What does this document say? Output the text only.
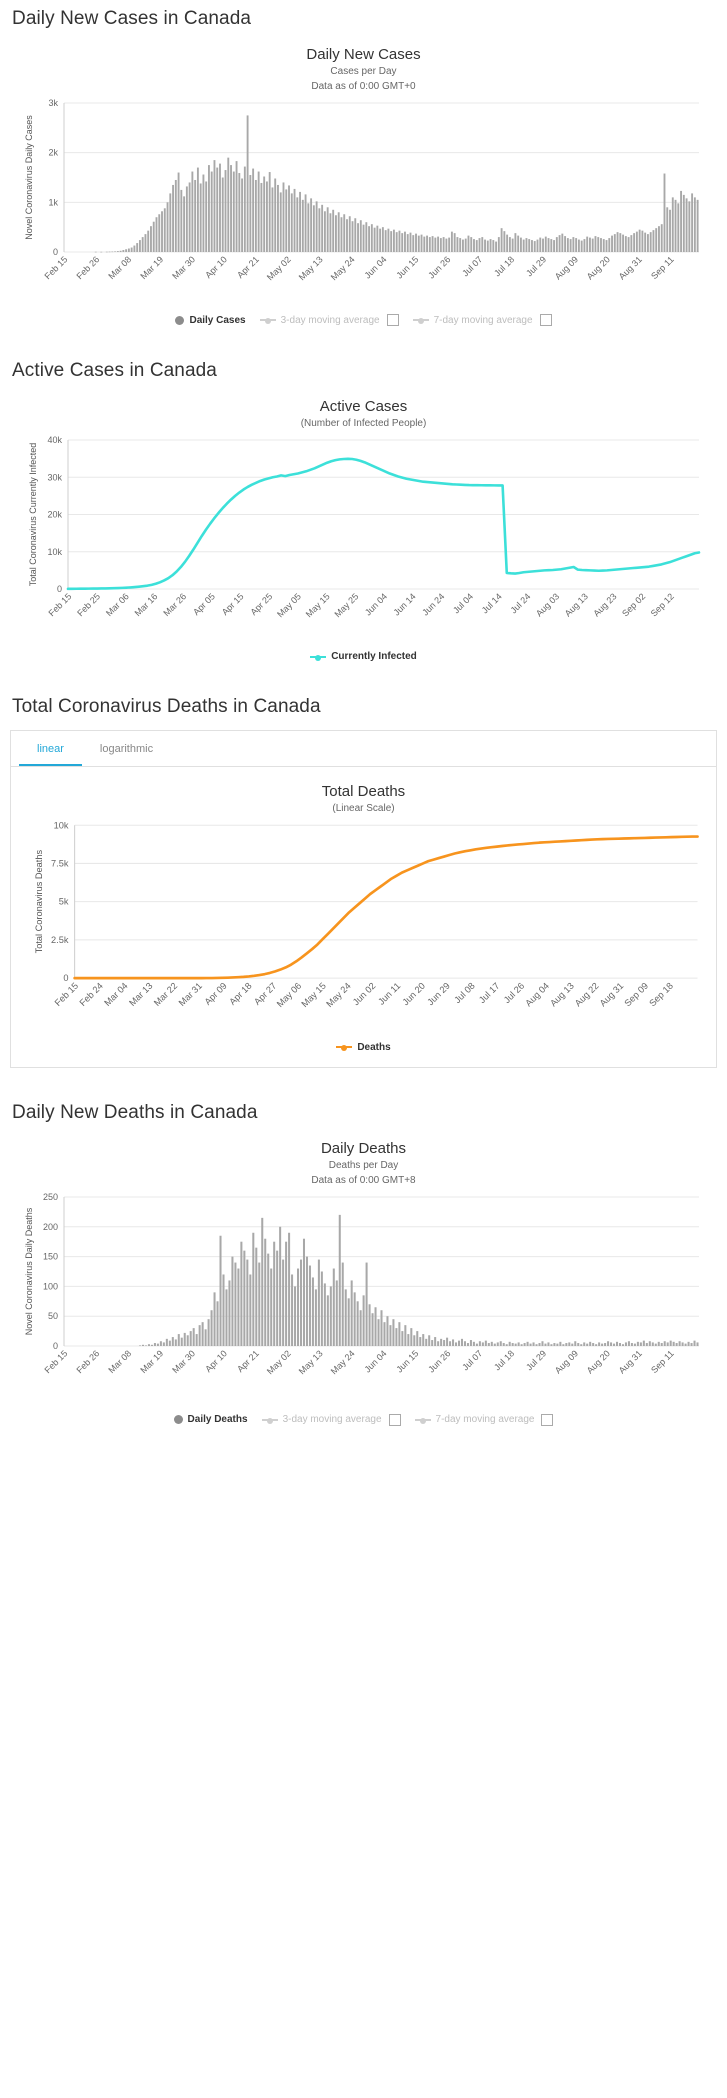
Daily New Cases in Canada
Daily New Cases
Cases per Day
Data as of 0:00 GMT+0
0
1k
2k
3k
Novel Coronavirus Daily Cases
Feb 15 Feb 26 Mar 08 Mar 19 Mar 30 Apr 10 Apr 21 May 02 May 13 May 24 Jun 04 Jun 15 Jun 26 Jul 07 Jul 18 Jul 29 Aug 09 Aug 20 Aug 31 Sep 11
Daily Cases	3-day moving average	7-day moving average
Active Cases in Canada
Active Cases
(Number of Infected People)
0
10k
20k
30k
40k
Total Coronavirus Currently Infected
Feb 15 Feb 25 Mar 06 Mar 16 Mar 26 Apr 05 Apr 15 Apr 25 May 05 May 15 May 25 Jun 04 Jun 14 Jun 24 Jul 04 Jul 14 Jul 24 Aug 03 Aug 13 Aug 23 Sep 02 Sep 12
Currently Infected
Total Coronavirus Deaths in Canada
linear	logarithmic
Total Deaths
(Linear Scale)
0
2.5k
5k
7.5k
10k
Total Coronavirus Deaths
Feb 15
Feb 24
Mar 04
Mar 13
Mar 22
Mar 31
Apr 09
Apr 18
Apr 27
May 06
May 15
May 24
Jun 02
Jun 11
Jun 20
Jun 29 Jul 08 Jul 17 Jul 26
Aug 04
Aug 13
Aug 22
Aug 31
Sep 09
Sep 18
Deaths
Daily New Deaths in Canada
Daily Deaths
Deaths per Day
Data as of 0:00 GMT+8
0
50
100
150
200
250
Novel Coronavirus Daily Deaths
Feb 15 Feb 26 Mar 08 Mar 19 Mar 30 Apr 10 Apr 21 May 02 May 13 May 24 Jun 04 Jun 15 Jun 26 Jul 07 Jul 18 Jul 29 Aug 09 Aug 20 Aug 31 Sep 11
Daily Deaths	3-day moving average	7-day moving average
